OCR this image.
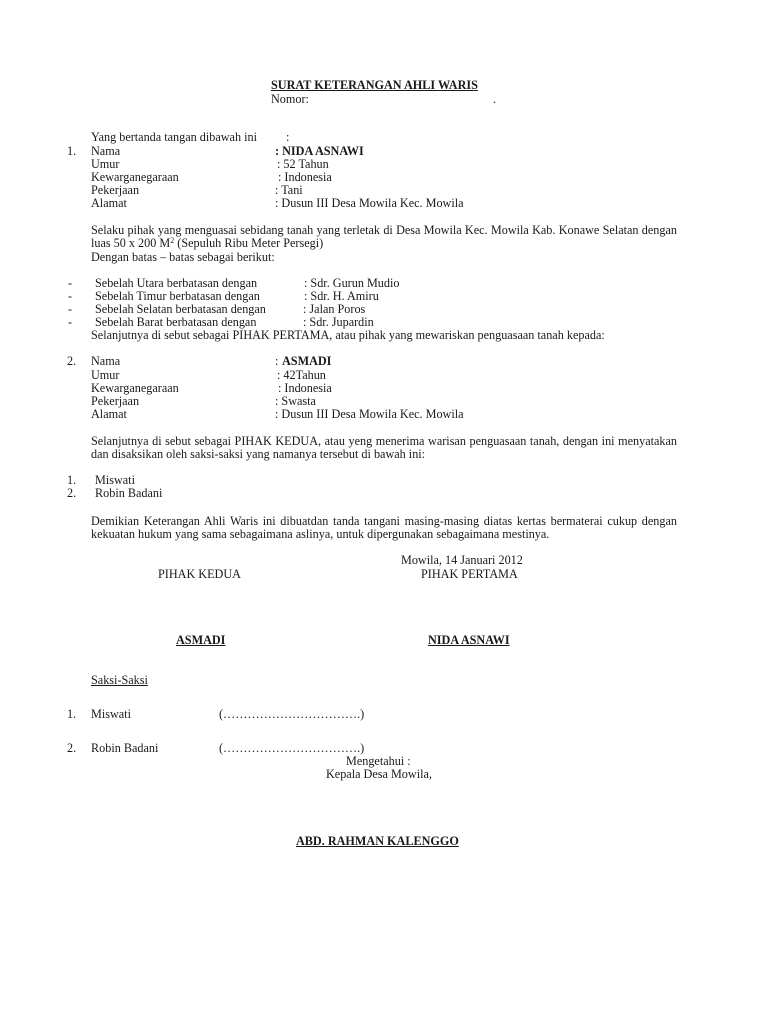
SURAT KETERANGAN AHLI WARIS
Nomor:	.
Yang bertanda tangan dibawah ini :
1. Nama	: NIDA ASNAWI
Umur	: 52 Tahun
Kewarganegaraan	: Indonesia
Pekerjaan	: Tani
Alamat	: Dusun III Desa Mowila Kec. Mowila
Selaku pihak yang menguasai sebidang tanah yang terletak di Desa Mowila Kec. Mowila Kab. Konawe Selatan dengan luas 50 x 200 $M^2$ (Sepuluh Ribu Meter Persegi)
Dengan batas – batas sebagai berikut:
- Sebelah Utara berbatasan dengan	: Sdr. Gurun Mudio
- Sebelah Timur berbatasan dengan	: Sdr. H. Amiru
- Sebelah Selatan berbatasan dengan	: Jalan Poros
- Sebelah Barat berbatasan dengan	: Sdr. Jupardin
Selanjutnya di sebut sebagai PIHAK PERTAMA, atau pihak yang mewariskan penguasaan tanah kepada:
2. Nama	: ASMADI
Umur	: 42Tahun
Kewarganegaraan	: Indonesia
Pekerjaan	: Swasta
Alamat	: Dusun III Desa Mowila Kec. Mowila
Selanjutnya di sebut sebagai PIHAK KEDUA, atau yeng menerima warisan penguasaan tanah, dengan ini menyatakan dan disaksikan oleh saksi-saksi yang namanya tersebut di bawah ini:
1. Miswati
2. Robin Badani
Demikian Keterangan Ahli Waris ini dibuatdan tanda tangani masing-masing diatas kertas bermaterai cukup dengan kekuatan hukum yang sama sebagaimana aslinya, untuk dipergunakan sebagaimana mestinya.
Mowila, 14 Januari 2012
PIHAK KEDUA	PIHAK PERTAMA
ASMADI	NIDA ASNAWI
Saksi-Saksi
1. Miswati	(…………………………….)
2. Robin Badani	(…………………………….)
Mengetahui :
Kepala Desa Mowila,
ABD. RAHMAN KALENGGO
